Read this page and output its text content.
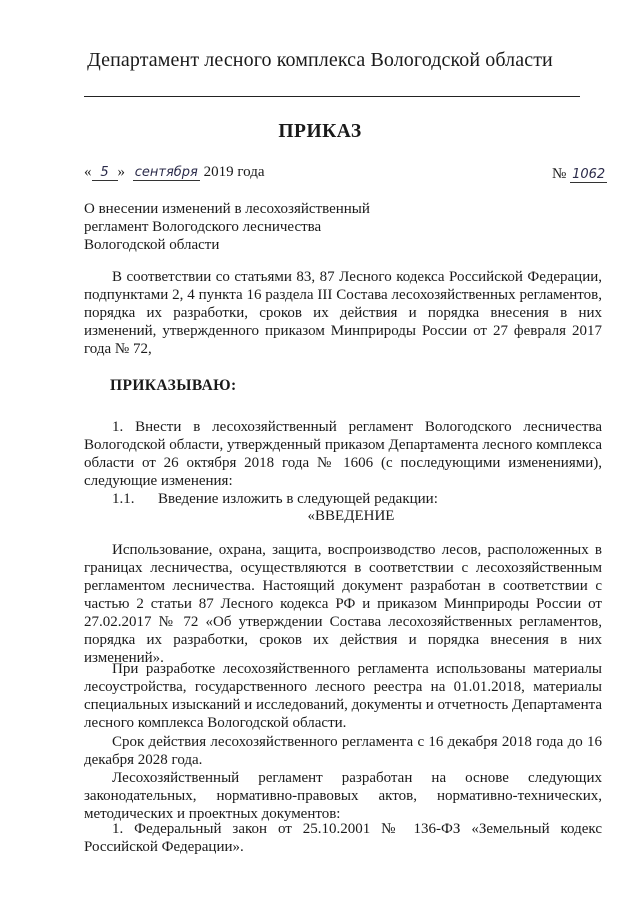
Департамент лесного комплекса Вологодской области
ПРИКАЗ
« 5 » сентября 2019 года	№ 1062
О внесении изменений в лесохозяйственный
регламент Вологодского лесничества
Вологодской области
В соответствии со статьями 83, 87 Лесного кодекса Российской Федерации, подпунктами 2, 4 пункта 16 раздела III Состава лесохозяйственных регламентов, порядка их разработки, сроков их действия и порядка внесения в них изменений, утвержденного приказом Минприроды России от 27 февраля 2017 года № 72,
ПРИКАЗЫВАЮ:
1. Внести в лесохозяйственный регламент Вологодского лесничества Вологодской области, утвержденный приказом Департамента лесного комплекса области от 26 октября 2018 года № 1606 (с последующими изменениями), следующие изменения:
1.1. Введение изложить в следующей редакции:
«ВВЕДЕНИЕ
Использование, охрана, защита, воспроизводство лесов, расположенных в границах лесничества, осуществляются в соответствии с лесохозяйственным регламентом лесничества. Настоящий документ разработан в соответствии с частью 2 статьи 87 Лесного кодекса РФ и приказом Минприроды России от 27.02.2017 № 72 «Об утверждении Состава лесохозяйственных регламентов, порядка их разработки, сроков их действия и порядка внесения в них изменений».
При разработке лесохозяйственного регламента использованы материалы лесоустройства, государственного лесного реестра на 01.01.2018, материалы специальных изысканий и исследований, документы и отчетность Департамента лесного комплекса Вологодской области.
Срок действия лесохозяйственного регламента с 16 декабря 2018 года до 16 декабря 2028 года.
Лесохозяйственный регламент разработан на основе следующих законодательных, нормативно-правовых актов, нормативно-технических, методических и проектных документов:
1. Федеральный закон от 25.10.2001 № 136-ФЗ «Земельный кодекс Российской Федерации».
